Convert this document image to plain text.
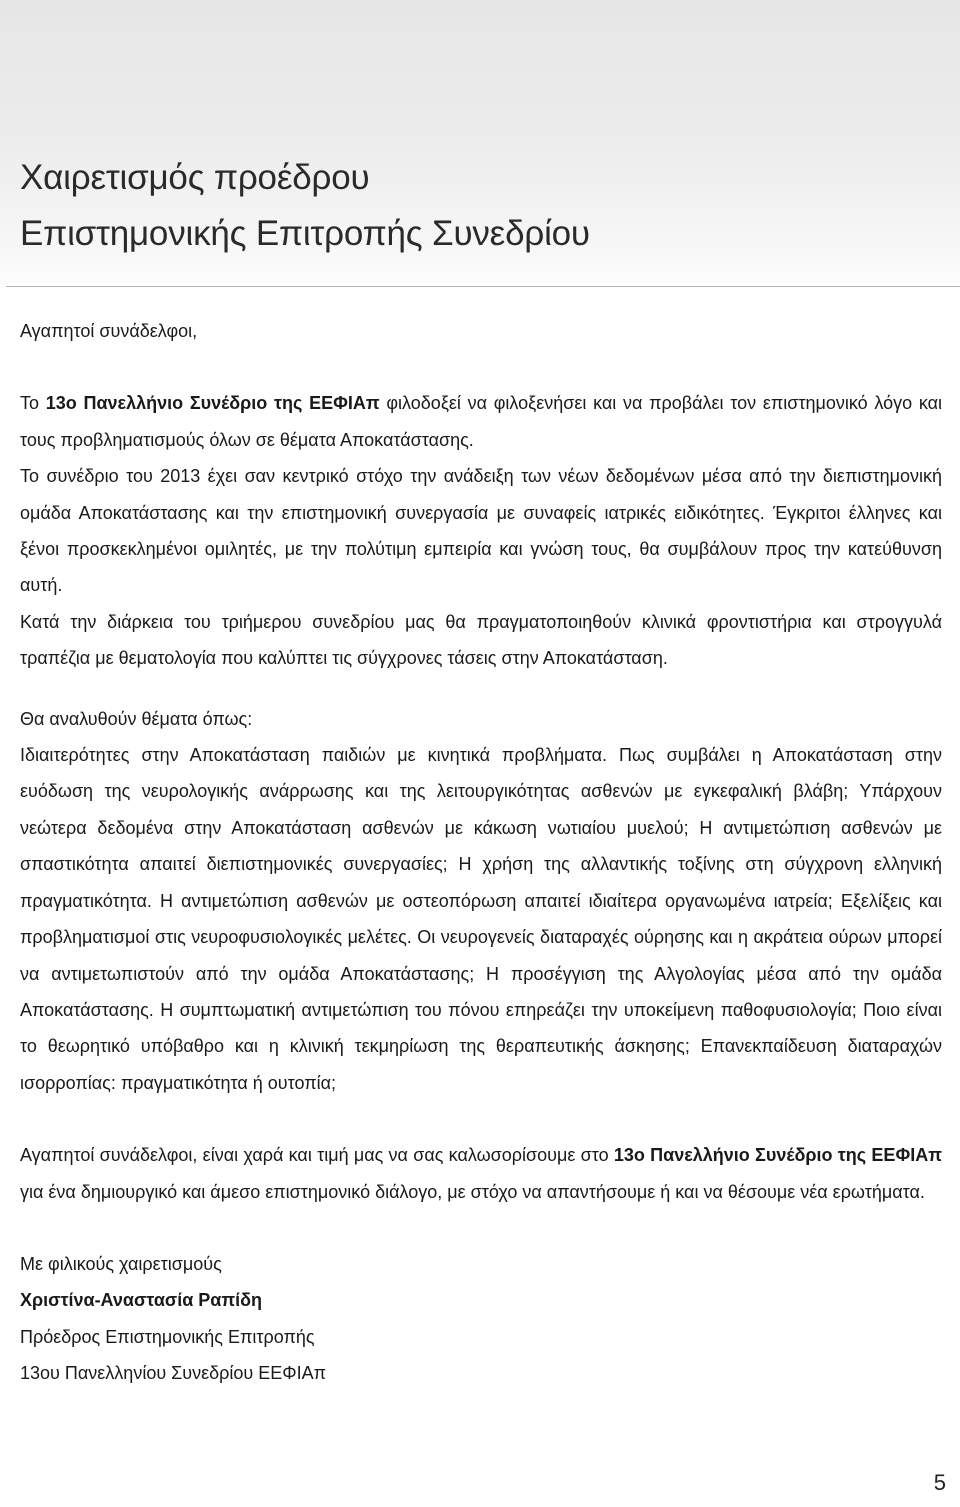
Χαιρετισμός προέδρου
Επιστημονικής Επιτροπής Συνεδρίου

Αγαπητοί συνάδελφοι,

Το 13ο Πανελλήνιο Συνέδριο της ΕΕΦΙΑπ φιλοδοξεί να φιλοξενήσει και να προβάλει τον επιστημονικό λόγο και τους προβληματισμούς όλων σε θέματα Αποκατάστασης.

Το συνέδριο του 2013 έχει σαν κεντρικό στόχο την ανάδειξη των νέων δεδομένων μέσα από την διεπιστημονική ομάδα Αποκατάστασης και την επιστημονική συνεργασία με συναφείς ιατρικές ειδικότητες. Έγκριτοι έλληνες και ξένοι προσκεκλημένοι ομιλητές, με την πολύτιμη εμπειρία και γνώση τους, θα συμβάλουν προς την κατεύθυνση αυτή.

Κατά την διάρκεια του τριήμερου συνεδρίου μας θα πραγματοποιηθούν κλινικά φροντιστήρια και στρογγυλά τραπέζια με θεματολογία που καλύπτει τις σύγχρονες τάσεις στην Αποκατάσταση.

Θα αναλυθούν θέματα όπως:

Ιδιαιτερότητες στην Αποκατάσταση παιδιών με κινητικά προβλήματα. Πως συμβάλει η Αποκατάσταση στην ευόδωση της νευρολογικής ανάρρωσης και της λειτουργικότητας ασθενών με εγκεφαλική βλάβη; Υπάρχουν νεώτερα δεδομένα στην Αποκατάσταση ασθενών με κάκωση νωτιαίου μυελού; Η αντιμετώπιση ασθενών με σπαστικότητα απαιτεί διεπιστημονικές συνεργασίες; Η χρήση της αλλαντικής τοξίνης στη σύγχρονη ελληνική πραγματικότητα. Η αντιμετώπιση ασθενών με οστεοπόρωση απαιτεί ιδιαίτερα οργανωμένα ιατρεία; Εξελίξεις και προβληματισμοί στις νευροφυσιολογικές μελέτες. Οι νευρογενείς διαταραχές ούρησης και η ακράτεια ούρων μπορεί να αντιμετωπιστούν από την ομάδα Αποκατάστασης; Η προσέγγιση της Αλγολογίας μέσα από την ομάδα Αποκατάστασης. Η συμπτωματική αντιμετώπιση του πόνου επηρεάζει την υποκείμενη παθοφυσιολογία; Ποιο είναι το θεωρητικό υπόβαθρο και η κλινική τεκμηρίωση της θεραπευτικής άσκησης; Επανεκπαίδευση διαταραχών ισορροπίας: πραγματικότητα ή ουτοπία;

Αγαπητοί συνάδελφοι, είναι χαρά και τιμή μας να σας καλωσορίσουμε στο 13ο Πανελλήνιο Συνέδριο της ΕΕΦΙΑπ για ένα δημιουργικό και άμεσο επιστημονικό διάλογο, με στόχο να απαντήσουμε ή και να θέσουμε νέα ερωτήματα.

Με φιλικούς χαιρετισμούς

Χριστίνα-Αναστασία Ραπίδη

Πρόεδρος Επιστημονικής Επιτροπής

13ου Πανελληνίου Συνεδρίου ΕΕΦΙΑπ

5
